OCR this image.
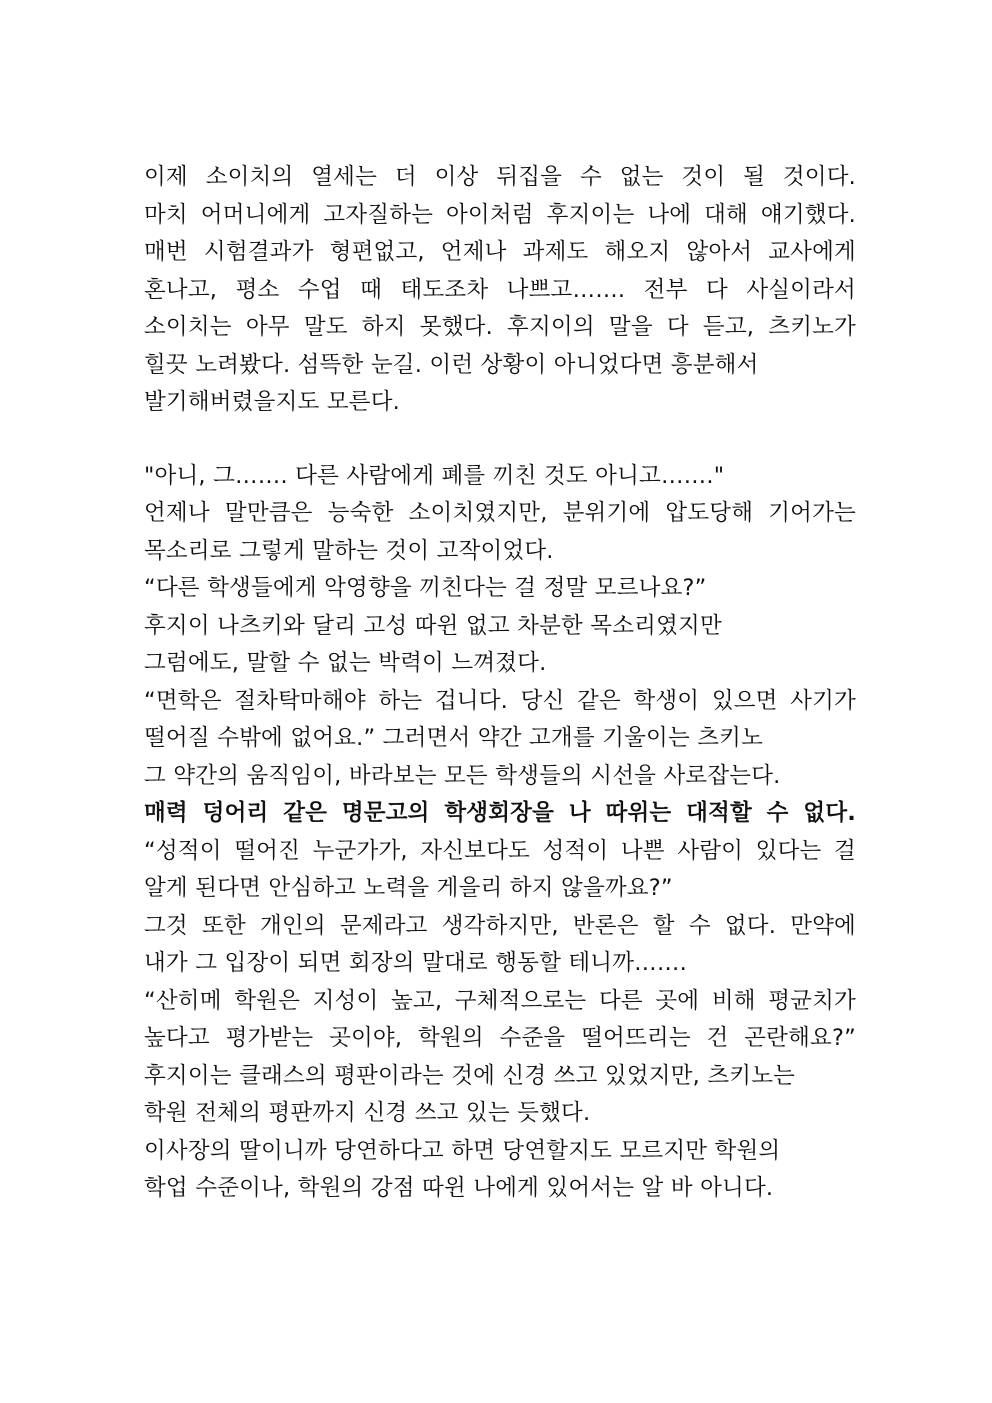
이제 소이치의 열세는 더 이상 뒤집을 수 없는 것이 될 것이다.
마치 어머니에게 고자질하는 아이처럼 후지이는 나에 대해 얘기했다.
매번 시험결과가 형편없고, 언제나 과제도 해오지 않아서 교사에게
혼나고, 평소 수업 때 태도조차 나쁘고……. 전부 다 사실이라서
소이치는 아무 말도 하지 못했다. 후지이의 말을 다 듣고, 츠키노가
힐끗 노려봤다. 섬뜩한 눈길. 이런 상황이 아니었다면 흥분해서
발기해버렸을지도 모른다.
"아니, 그……. 다른 사람에게 폐를 끼친 것도 아니고……."
언제나 말만큼은 능숙한 소이치였지만, 분위기에 압도당해 기어가는
목소리로 그렇게 말하는 것이 고작이었다.
“다른 학생들에게 악영향을 끼친다는 걸 정말 모르나요?”
후지이 나츠키와 달리 고성 따윈 없고 차분한 목소리였지만
그럼에도, 말할 수 없는 박력이 느껴졌다.
“면학은 절차탁마해야 하는 겁니다. 당신 같은 학생이 있으면 사기가
떨어질 수밖에 없어요.” 그러면서 약간 고개를 기울이는 츠키노
그 약간의 움직임이, 바라보는 모든 학생들의 시선을 사로잡는다.
매력 덩어리 같은 명문고의 학생회장을 나 따위는 대적할 수 없다.
“성적이 떨어진 누군가가, 자신보다도 성적이 나쁜 사람이 있다는 걸
알게 된다면 안심하고 노력을 게을리 하지 않을까요?”
그것 또한 개인의 문제라고 생각하지만, 반론은 할 수 없다. 만약에
내가 그 입장이 되면 회장의 말대로 행동할 테니까…….
“산히메 학원은 지성이 높고, 구체적으로는 다른 곳에 비해 평균치가
높다고 평가받는 곳이야, 학원의 수준을 떨어뜨리는 건 곤란해요?”
후지이는 클래스의 평판이라는 것에 신경 쓰고 있었지만, 츠키노는
학원 전체의 평판까지 신경 쓰고 있는 듯했다.
이사장의 딸이니까 당연하다고 하면 당연할지도 모르지만 학원의
학업 수준이나, 학원의 강점 따윈 나에게 있어서는 알 바 아니다.
